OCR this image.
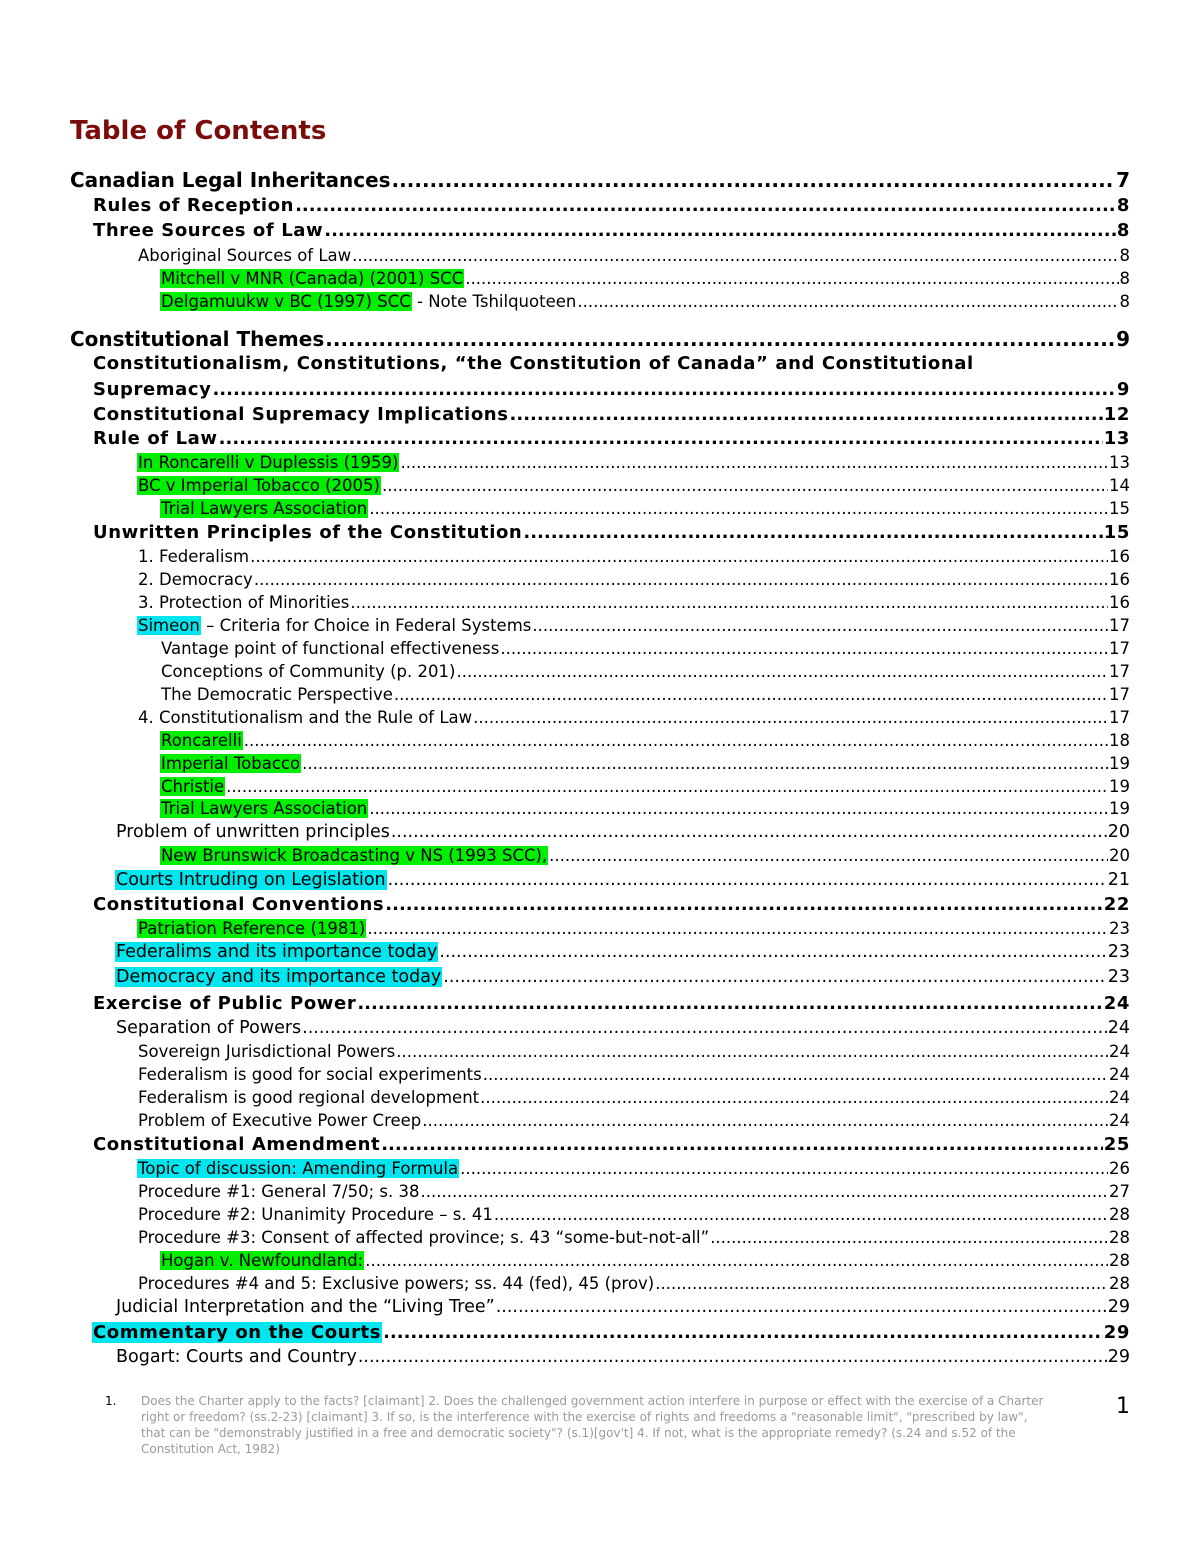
Table of Contents
Canadian Legal Inheritances .....	7
Rules of Reception .....	8
Three Sources of Law .....	8
Aboriginal Sources of Law .....	8
Mitchell v MNR (Canada) (2001) SCC .....	8
Delgamuukw v BC (1997) SCC - Note Tshilquoteen .....	8
Constitutional Themes .....	9
Constitutionalism, Constitutions, “the Constitution of Canada” and Constitutional
Supremacy .....	9
Constitutional Supremacy Implications .....	12
Rule of Law .....	13
In Roncarelli v Duplessis (1959) .....	13
BC v Imperial Tobacco (2005) .....	14
Trial Lawyers Association .....	15
Unwritten Principles of the Constitution .....	15
1. Federalism .....	16
2. Democracy .....	16
3. Protection of Minorities .....	16
Simeon – Criteria for Choice in Federal Systems .....	17
Vantage point of functional effectiveness .....	17
Conceptions of Community (p. 201) .....	17
The Democratic Perspective .....	17
4. Constitutionalism and the Rule of Law .....	17
Roncarelli .....	18
Imperial Tobacco .....	19
Christie .....	19
Trial Lawyers Association .....	19
Problem of unwritten principles .....	20
New Brunswick Broadcasting v NS (1993 SCC), .....	20
Courts Intruding on Legislation .....	21
Constitutional Conventions .....	22
Patriation Reference (1981) .....	23
Federalims and its importance today .....	23
Democracy and its importance today .....	23
Exercise of Public Power .....	24
Separation of Powers .....	24
Sovereign Jurisdictional Powers .....	24
Federalism is good for social experiments .....	24
Federalism is good regional development .....	24
Problem of Executive Power Creep .....	24
Constitutional Amendment .....	25
Topic of discussion: Amending Formula .....	26
Procedure #1: General 7/50; s. 38 .....	27
Procedure #2: Unanimity Procedure – s. 41 .....	28
Procedure #3: Consent of affected province; s. 43 “some-but-not-all” .....	28
Hogan v. Newfoundland: .....	28
Procedures #4 and 5: Exclusive powers; ss. 44 (fed), 45 (prov) .....	28
Judicial Interpretation and the “Living Tree” .....	29
Commentary on the Courts .....	29
Bogart: Courts and Country .....	29
1. Does the Charter apply to the facts? [claimant] 2. Does the challenged government action interfere in purpose or effect with the exercise of a Charter right or freedom? (ss.2-23) [claimant] 3. If so, is the interference with the exercise of rights and freedoms a "reasonable limit", "prescribed by law", that can be "demonstrably justified in a free and democratic society"? (s.1)[gov't] 4. If not, what is the appropriate remedy? (s.24 and s.52 of the Constitution Act, 1982)
1
